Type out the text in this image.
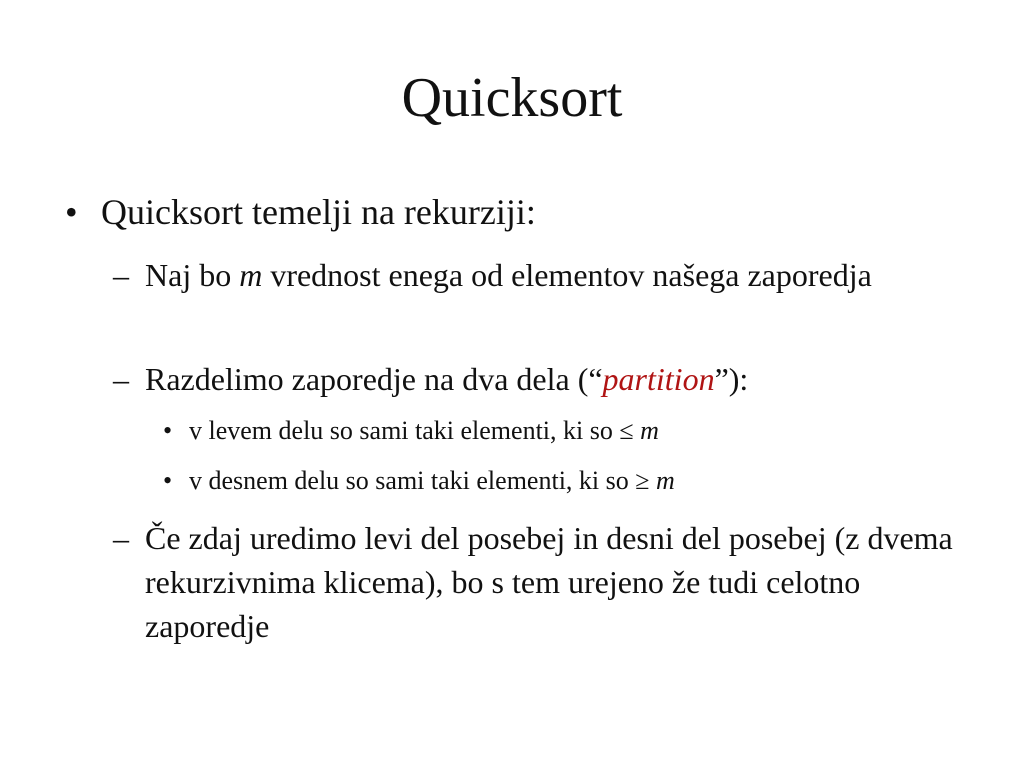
Quicksort
• Quicksort temelji na rekurziji:
– Naj bo m vrednost enega od elementov našega zaporedja
– Razdelimo zaporedje na dva dela (“partition”):
• v levem delu so sami taki elementi, ki so ≤ m
• v desnem delu so sami taki elementi, ki so ≥ m
– Če zdaj uredimo levi del posebej in desni del posebej (z dvema rekurzivnima klicema), bo s tem urejeno že tudi celotno zaporedje
